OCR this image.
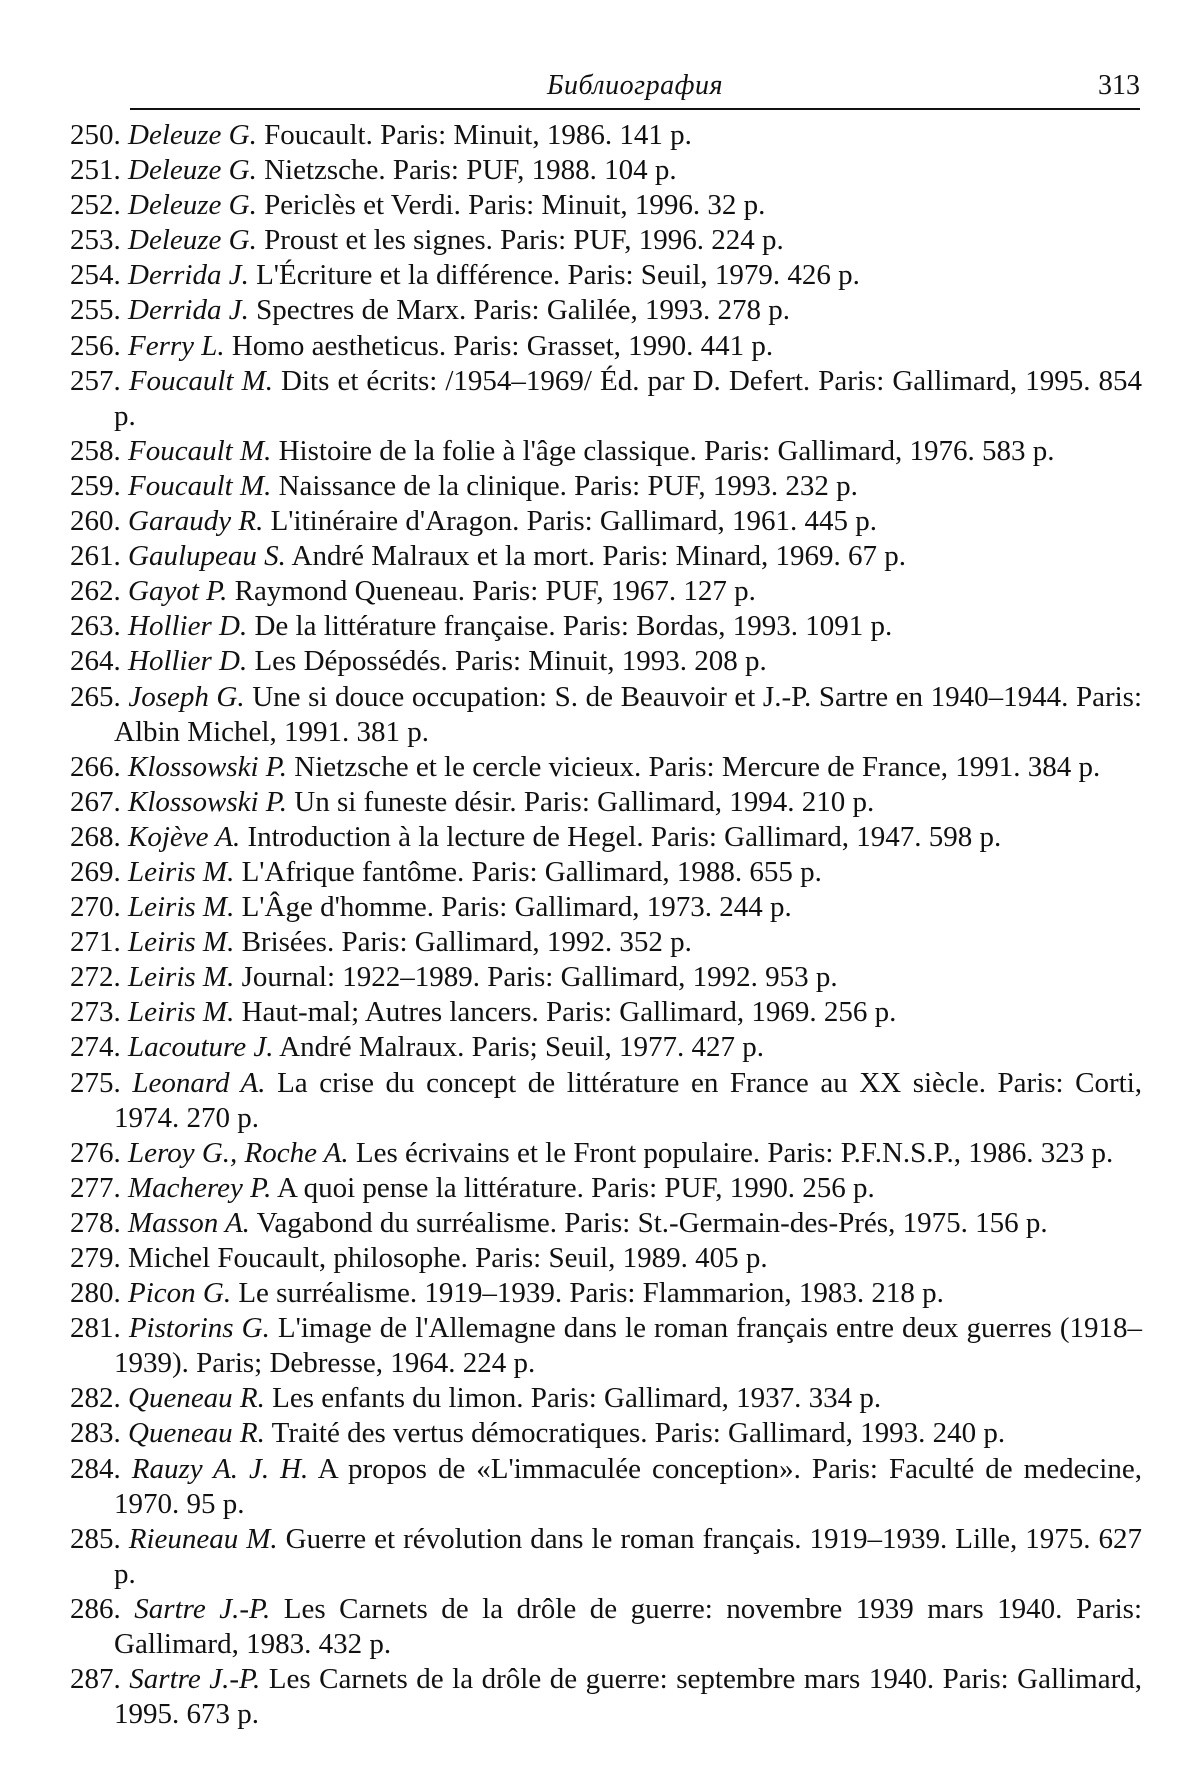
Библиография	313
250. Deleuze G. Foucault. Paris: Minuit, 1986. 141 p.
251. Deleuze G. Nietzsche. Paris: PUF, 1988. 104 p.
252. Deleuze G. Periclès et Verdi. Paris: Minuit, 1996. 32 p.
253. Deleuze G. Proust et les signes. Paris: PUF, 1996. 224 p.
254. Derrida J. L'Écriture et la différence. Paris: Seuil, 1979. 426 p.
255. Derrida J. Spectres de Marx. Paris: Galilée, 1993. 278 p.
256. Ferry L. Homo aestheticus. Paris: Grasset, 1990. 441 p.
257. Foucault M. Dits et écrits: /1954–1969/ Éd. par D. Defert. Paris: Gallimard, 1995. 854 p.
258. Foucault M. Histoire de la folie à l'âge classique. Paris: Gallimard, 1976. 583 p.
259. Foucault M. Naissance de la clinique. Paris: PUF, 1993. 232 p.
260. Garaudy R. L'itinéraire d'Aragon. Paris: Gallimard, 1961. 445 p.
261. Gaulupeau S. André Malraux et la mort. Paris: Minard, 1969. 67 p.
262. Gayot P. Raymond Queneau. Paris: PUF, 1967. 127 p.
263. Hollier D. De la littérature française. Paris: Bordas, 1993. 1091 p.
264. Hollier D. Les Dépossédés. Paris: Minuit, 1993. 208 p.
265. Joseph G. Une si douce occupation: S. de Beauvoir et J.-P. Sartre en 1940–1944. Paris: Albin Michel, 1991. 381 p.
266. Klossowski P. Nietzsche et le cercle vicieux. Paris: Mercure de France, 1991. 384 p.
267. Klossowski P. Un si funeste désir. Paris: Gallimard, 1994. 210 p.
268. Kojève A. Introduction à la lecture de Hegel. Paris: Gallimard, 1947. 598 p.
269. Leiris M. L'Afrique fantôme. Paris: Gallimard, 1988. 655 p.
270. Leiris M. L'Âge d'homme. Paris: Gallimard, 1973. 244 p.
271. Leiris M. Brisées. Paris: Gallimard, 1992. 352 p.
272. Leiris M. Journal: 1922–1989. Paris: Gallimard, 1992. 953 p.
273. Leiris M. Haut-mal; Autres lancers. Paris: Gallimard, 1969. 256 p.
274. Lacouture J. André Malraux. Paris; Seuil, 1977. 427 p.
275. Leonard A. La crise du concept de littérature en France au XX siècle. Paris: Corti, 1974. 270 p.
276. Leroy G., Roche A. Les écrivains et le Front populaire. Paris: P.F.N.S.P., 1986. 323 p.
277. Macherey P. A quoi pense la littérature. Paris: PUF, 1990. 256 p.
278. Masson A. Vagabond du surréalisme. Paris: St.-Germain-des-Prés, 1975. 156 p.
279. Michel Foucault, philosophe. Paris: Seuil, 1989. 405 p.
280. Picon G. Le surréalisme. 1919–1939. Paris: Flammarion, 1983. 218 p.
281. Pistorins G. L'image de l'Allemagne dans le roman français entre deux guerres (1918–1939). Paris; Debresse, 1964. 224 p.
282. Queneau R. Les enfants du limon. Paris: Gallimard, 1937. 334 p.
283. Queneau R. Traité des vertus démocratiques. Paris: Gallimard, 1993. 240 p.
284. Rauzy A. J. H. A propos de «L'immaculée conception». Paris: Faculté de medecine, 1970. 95 p.
285. Rieuneau M. Guerre et révolution dans le roman français. 1919–1939. Lille, 1975. 627 p.
286. Sartre J.-P. Les Carnets de la drôle de guerre: novembre 1939 mars 1940. Paris: Gallimard, 1983. 432 p.
287. Sartre J.-P. Les Carnets de la drôle de guerre: septembre mars 1940. Paris: Gallimard, 1995. 673 p.
